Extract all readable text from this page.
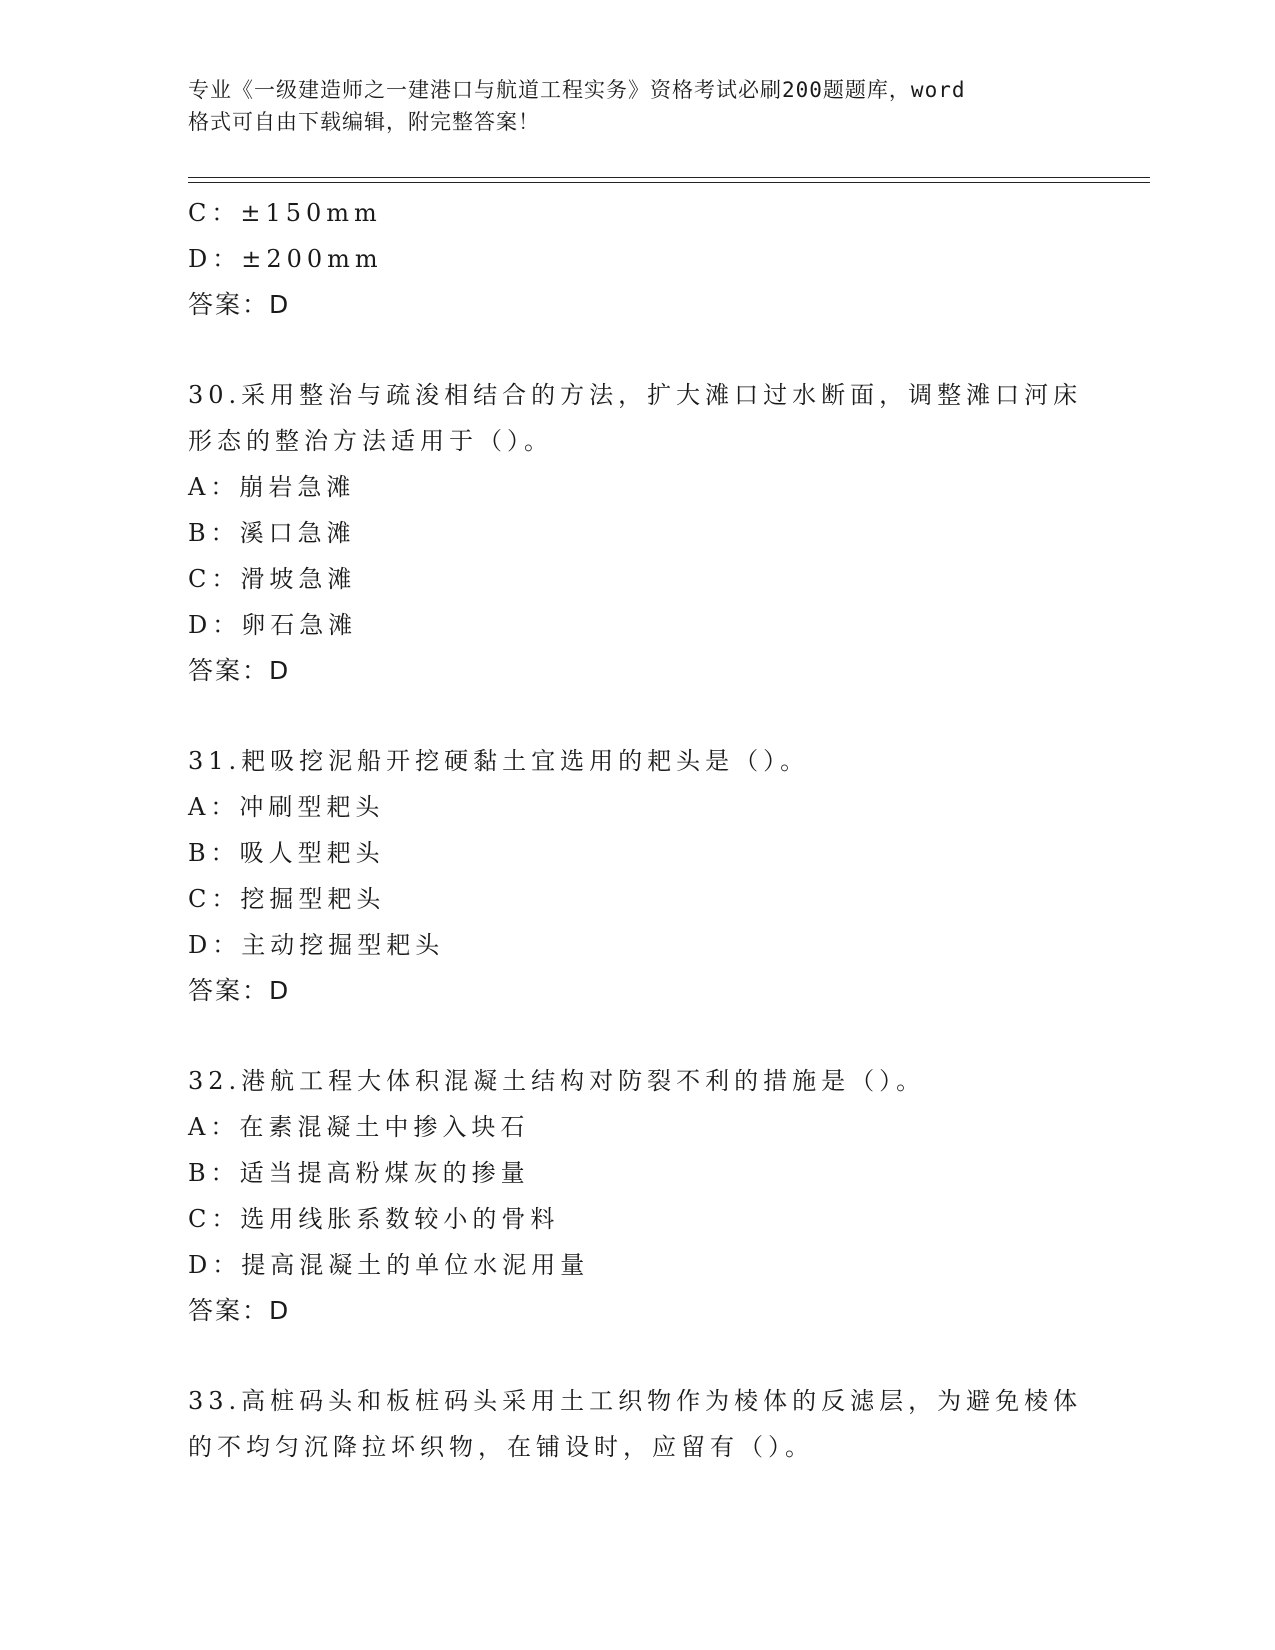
专业《一级建造师之一建港口与航道工程实务》资格考试必刷200题题库，word
格式可自由下载编辑，附完整答案！

C：±150mm

D：±200mm

答案：D

30.采用整治与疏浚相结合的方法，扩大滩口过水断面，调整滩口河床

形态的整治方法适用于（）。

A：崩岩急滩

B：溪口急滩

C：滑坡急滩

D：卵石急滩

答案：D

31.耙吸挖泥船开挖硬黏土宜选用的耙头是（）。

A：冲刷型耙头

B：吸人型耙头

C：挖掘型耙头

D：主动挖掘型耙头

答案：D

32.港航工程大体积混凝土结构对防裂不利的措施是（）。

A：在素混凝土中掺入块石

B：适当提高粉煤灰的掺量

C：选用线胀系数较小的骨料

D：提高混凝土的单位水泥用量

答案：D

33.高桩码头和板桩码头采用土工织物作为棱体的反滤层，为避免棱体

的不均匀沉降拉坏织物，在铺设时，应留有（）。
